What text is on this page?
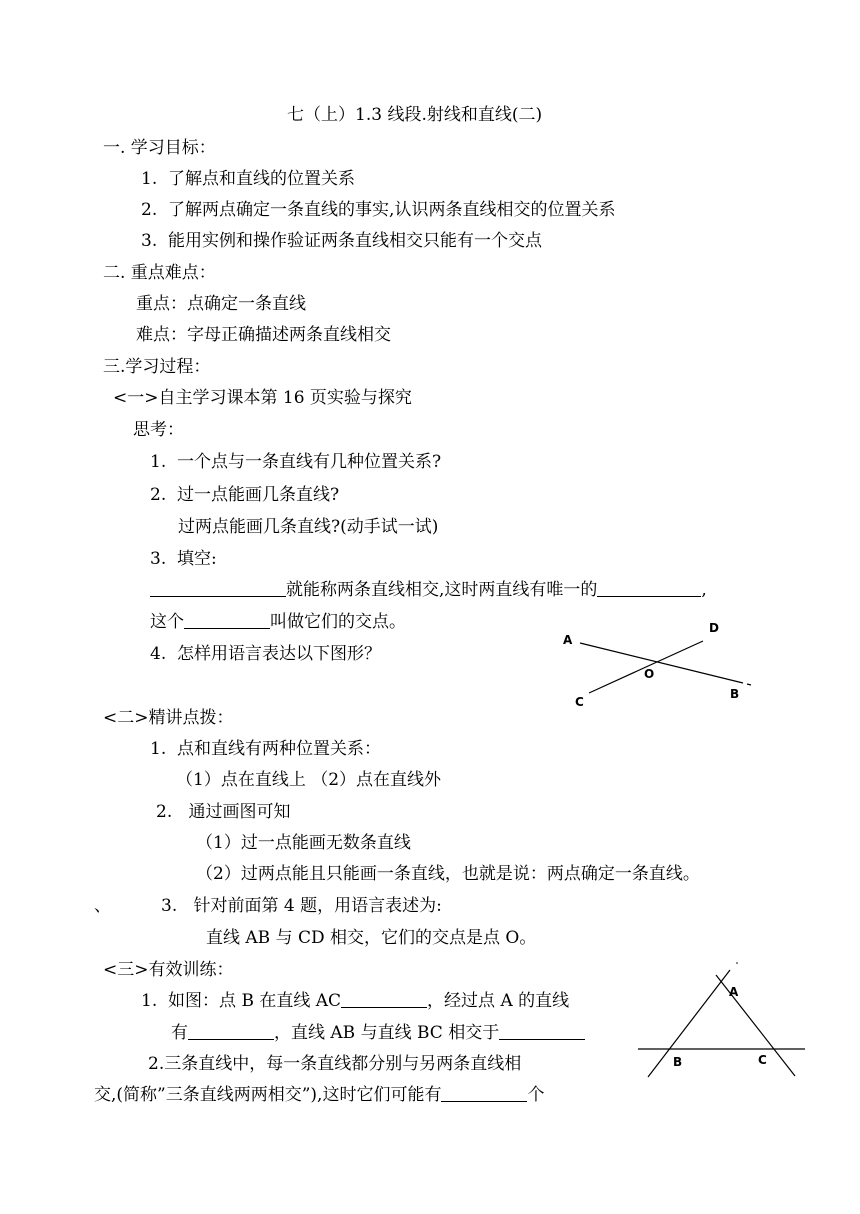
七（上）1.3 线段.射线和直线(二)
一. 学习目标：
1. 了解点和直线的位置关系
2. 了解两点确定一条直线的事实,认识两条直线相交的位置关系
3. 能用实例和操作验证两条直线相交只能有一个交点
二. 重点难点：
重点：点确定一条直线
难点：字母正确描述两条直线相交
三.学习过程：
<一>自主学习课本第 16 页实验与探究
思考：
1. 一个点与一条直线有几种位置关系?
2. 过一点能画几条直线?
过两点能画几条直线?(动手试一试)
3. 填空:
就能称两条直线相交,这时两直线有唯一的	,
这个	叫做它们的交点。
4. 怎样用语言表达以下图形？
A
D
O
C
B
<二>精讲点拨：
1. 点和直线有两种位置关系：
（1）点在直线上 （2）点在直线外
2. 通过画图可知
（1）过一点能画无数条直线
（2）过两点能且只能画一条直线，也就是说：两点确定一条直线。
、	3. 针对前面第 4 题，用语言表述为:
直线 AB 与 CD 相交，它们的交点是点 O。
<三>有效训练：
1. 如图：点 B 在直线 AC	，经过点 A 的直线
有	，直线 AB 与直线 BC 相交于
2.三条直线中，每一条直线都分别与另两条直线相
交,(简称”三条直线两两相交”),这时它们可能有	个
A
B	C
